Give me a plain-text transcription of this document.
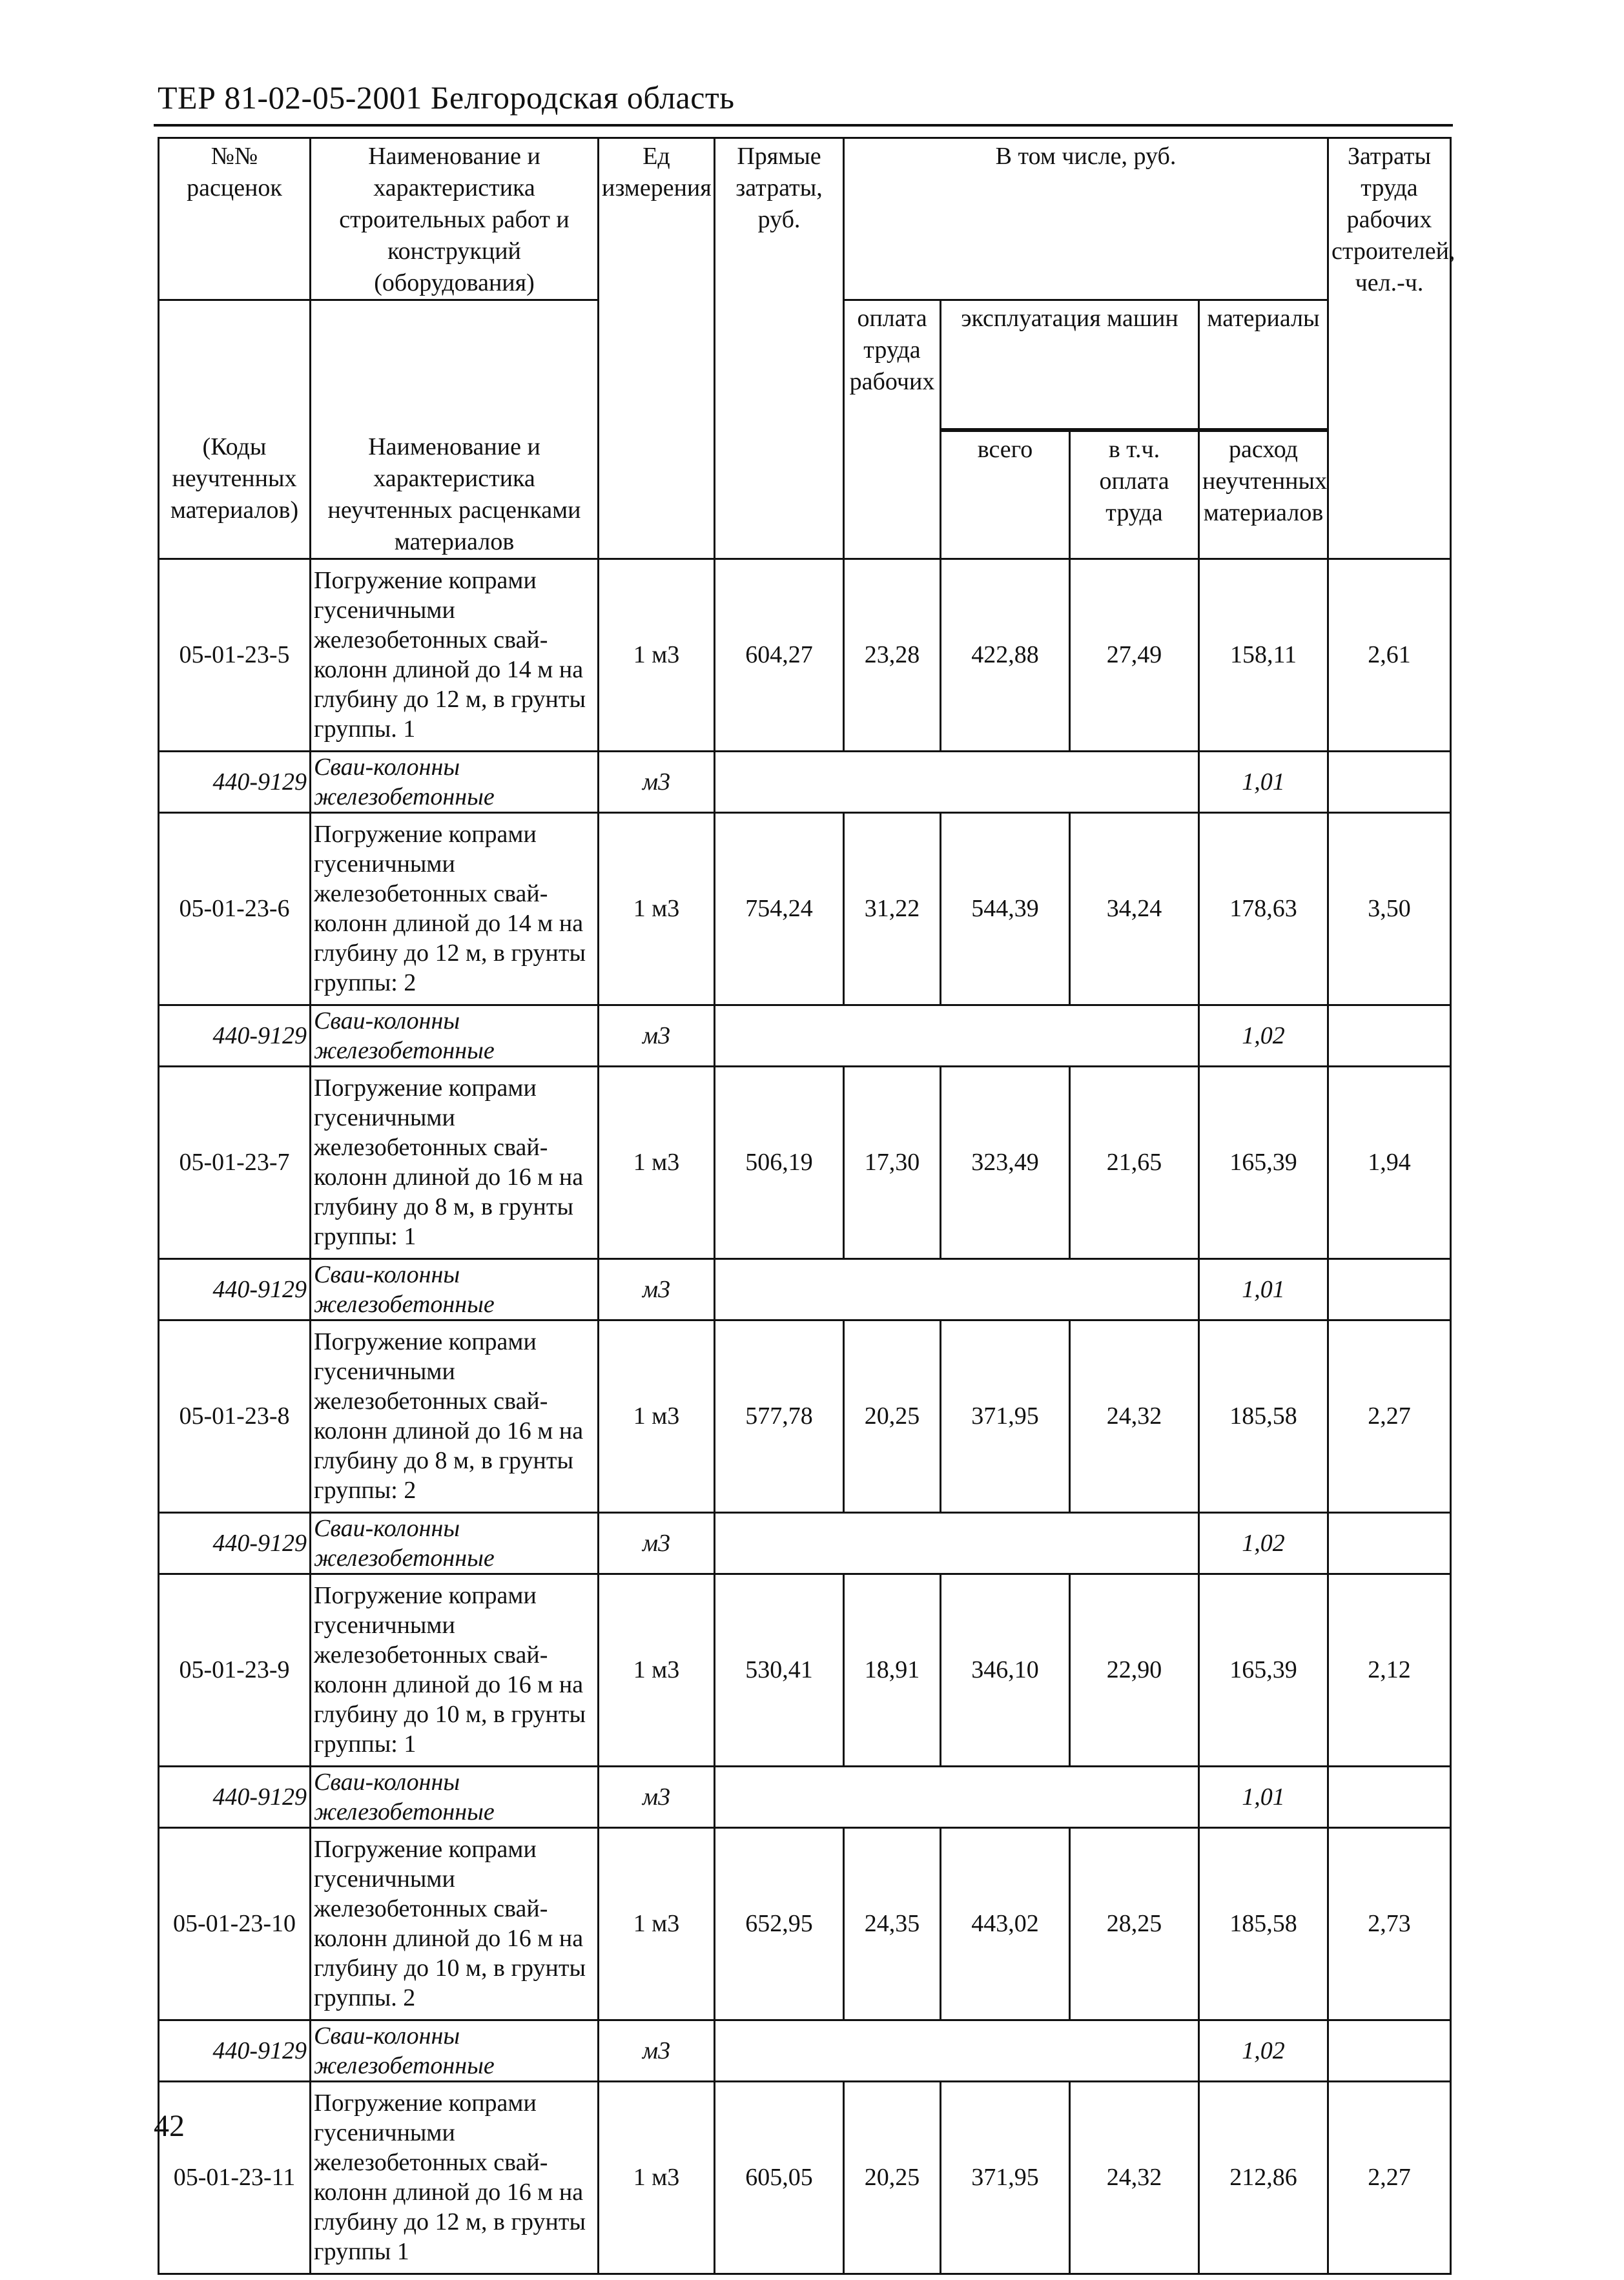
ТЕР 81-02-05-2001 Белгородская область
№№ расценок	Наименование и характеристика строительных работ и конструкций (оборудования)	Ед измерения	Прямые затраты, руб.	В том числе, руб.				Затраты труда рабочих строителей, чел.-ч.
				оплата труда рабочих	эксплуатация машин		материалы	
(Коды неучтенных материалов)	Наименование и характеристика неучтенных расценками материалов							
					всего	в т.ч. оплата труда	расход неучтенных материалов	
05-01-23-5	Погружение копрами гусеничными железобетонных свай-колонн длиной до 14 м на глубину до 12 м, в грунты группы. 1	1 м3	604,27	23,28	422,88	27,49	158,11	2,61
440-9129	Сваи-колонны железобетонные	м3					1,01	
05-01-23-6	Погружение копрами гусеничными железобетонных свай-колонн длиной до 14 м на глубину до 12 м, в грунты группы: 2	1 м3	754,24	31,22	544,39	34,24	178,63	3,50
440-9129	Сваи-колонны железобетонные	м3					1,02	
05-01-23-7	Погружение копрами гусеничными железобетонных свай-колонн длиной до 16 м на глубину до 8 м, в грунты группы: 1	1 м3	506,19	17,30	323,49	21,65	165,39	1,94
440-9129	Сваи-колонны железобетонные	м3					1,01	
05-01-23-8	Погружение копрами гусеничными железобетонных свай-колонн длиной до 16 м на глубину до 8 м, в грунты группы: 2	1 м3	577,78	20,25	371,95	24,32	185,58	2,27
440-9129	Сваи-колонны железобетонные	м3					1,02	
05-01-23-9	Погружение копрами гусеничными железобетонных свай-колонн длиной до 16 м на глубину до 10 м, в грунты группы: 1	1 м3	530,41	18,91	346,10	22,90	165,39	2,12
440-9129	Сваи-колонны железобетонные	м3					1,01	
05-01-23-10	Погружение копрами гусеничными железобетонных свай-колонн длиной до 16 м на глубину до 10 м, в грунты группы. 2	1 м3	652,95	24,35	443,02	28,25	185,58	2,73
440-9129	Сваи-колонны железобетонные	м3					1,02	
05-01-23-11	Погружение копрами гусеничными железобетонных свай-колонн длиной до 16 м на глубину до 12 м, в грунты группы 1	1 м3	605,05	20,25	371,95	24,32	212,86	2,27
42
